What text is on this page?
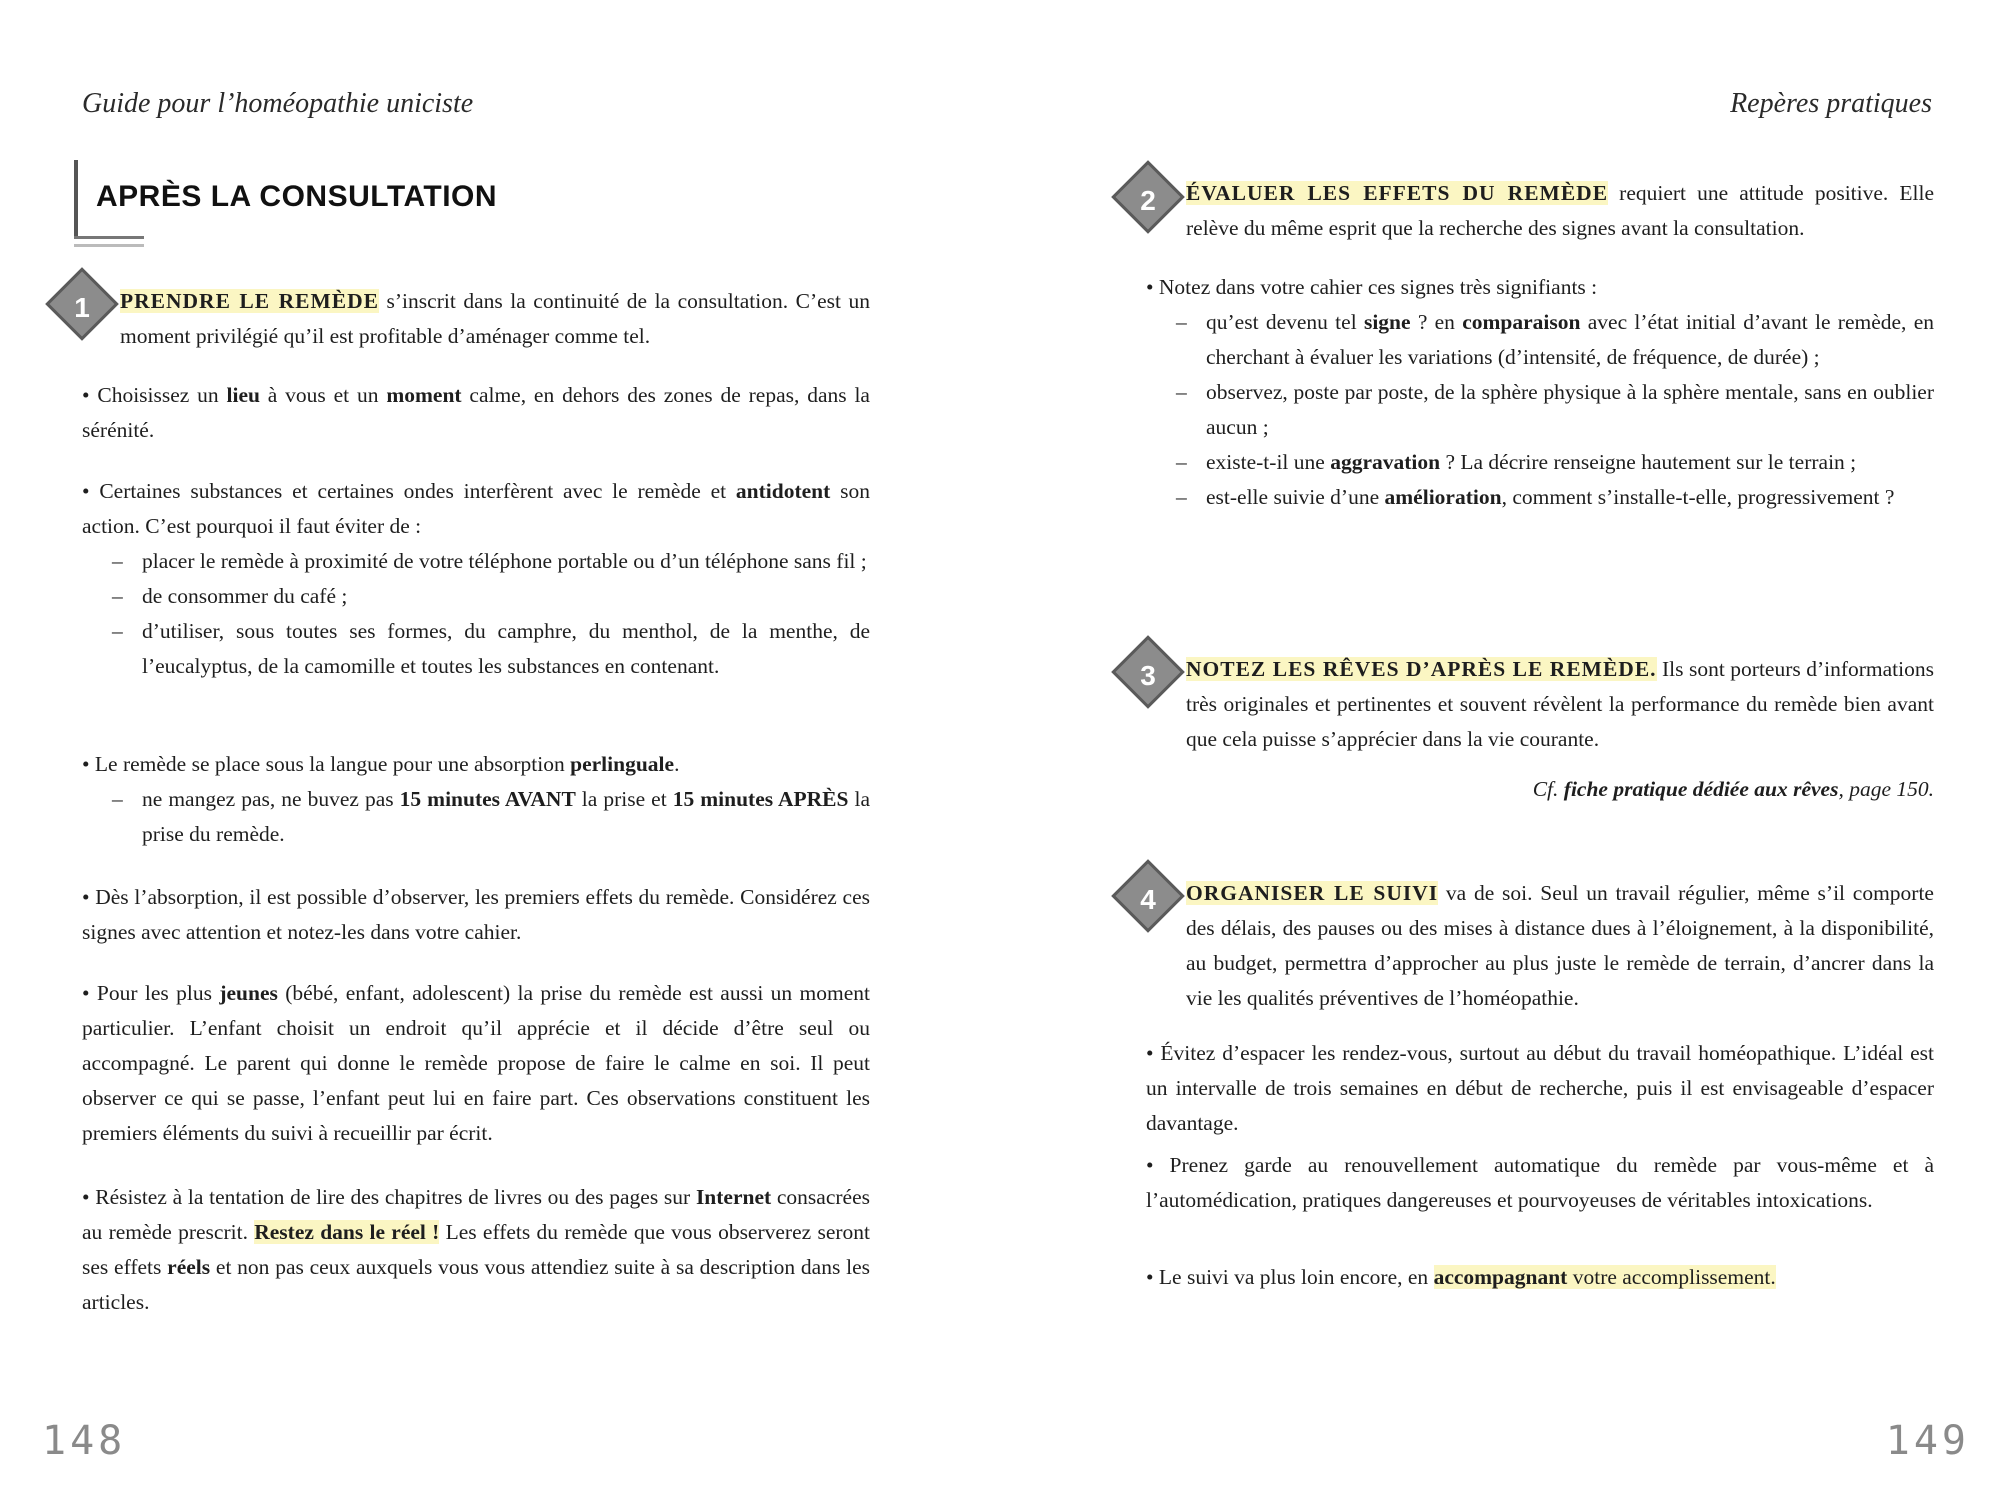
Guide pour l’homéopathie uniciste
APRÈS LA CONSULTATION
1	PRENDRE LE REMÈDE s’inscrit dans la continuité de la consultation. C’est un moment privilégié qu’il est profitable d’aménager comme tel.

• Choisissez un lieu à vous et un moment calme, en dehors des zones de repas, dans la sérénité.

• Certaines substances et certaines ondes interfèrent avec le remède et antidotent son action. C’est pourquoi il faut éviter de :

– placer le remède à proximité de votre téléphone portable ou d’un téléphone sans fil ;
– de consommer du café ;
– d’utiliser, sous toutes ses formes, du camphre, du menthol, de la menthe, de l’eucalyptus, de la camomille et toutes les substances en contenant.

• Le remède se place sous la langue pour une absorption perlinguale.

– ne mangez pas, ne buvez pas 15 minutes AVANT la prise et 15 minutes APRÈS la prise du remède.

• Dès l’absorption, il est possible d’observer, les premiers effets du remède. Considérez ces signes avec attention et notez-les dans votre cahier.

• Pour les plus jeunes (bébé, enfant, adolescent) la prise du remède est aussi un moment particulier. L’enfant choisit un endroit qu’il apprécie et il décide d’être seul ou accompagné. Le parent qui donne le remède propose de faire le calme en soi. Il peut observer ce qui se passe, l’enfant peut lui en faire part. Ces observations constituent les premiers éléments du suivi à recueillir par écrit.

• Résistez à la tentation de lire des chapitres de livres ou des pages sur Internet consacrées au remède prescrit. Restez dans le réel ! Les effets du remède que vous observerez seront ses effets réels et non pas ceux auxquels vous vous attendiez suite à sa description dans les articles.

148
Repères pratiques
2	ÉVALUER LES EFFETS DU REMÈDE requiert une attitude positive. Elle relève du même esprit que la recherche des signes avant la consultation.

• Notez dans votre cahier ces signes très signifiants :

– qu’est devenu tel signe ? en comparaison avec l’état initial d’avant le remède, en cherchant à évaluer les variations (d’intensité, de fréquence, de durée) ;
– observez, poste par poste, de la sphère physique à la sphère mentale, sans en oublier aucun ;
– existe-t-il une aggravation ? La décrire renseigne hautement sur le terrain ;
– est-elle suivie d’une amélioration, comment s’installe-t-elle, progressivement ?
3	NOTEZ LES RÊVES D’APRÈS LE REMÈDE. Ils sont porteurs d’informations très originales et pertinentes et souvent révèlent la performance du remède bien avant que cela puisse s’apprécier dans la vie courante.

Cf. fiche pratique dédiée aux rêves, page 150.

4	ORGANISER LE SUIVI va de soi. Seul un travail régulier, même s’il comporte des délais, des pauses ou des mises à distance dues à l’éloignement, à la disponibilité, au budget, permettra d’approcher au plus juste le remède de terrain, d’ancrer dans la vie les qualités préventives de l’homéopathie.

• Évitez d’espacer les rendez-vous, surtout au début du travail homéopathique. L’idéal est un intervalle de trois semaines en début de recherche, puis il est envisageable d’espacer davantage.

• Prenez garde au renouvellement automatique du remède par vous-même et à l’automédication, pratiques dangereuses et pourvoyeuses de véritables intoxications.

• Le suivi va plus loin encore, en accompagnant votre accomplissement.

149
